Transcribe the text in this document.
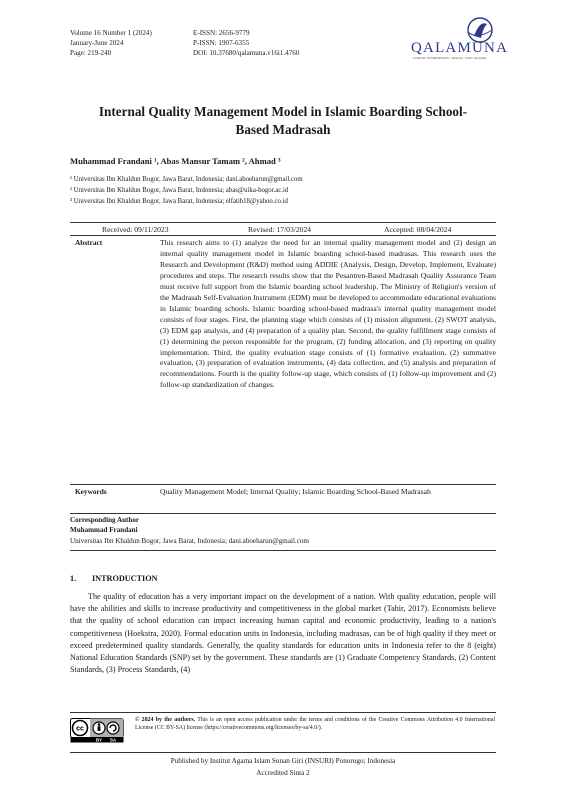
Volume 16 Number 1 (2024)
January-June 2024
Page: 219-240
E-ISSN: 2656-9779
P-ISSN: 1907-6355
DOI: 10.37680/qalamuna.v16i1.4760	QALAMUNA
JURNAL PENDIDIKAN, SOSIAL, DAN AGAMA
Internal Quality Management Model in Islamic Boarding School-Based Madrasah
Muhammad Frandani ¹, Abas Mansur Tamam ², Ahmad ³
¹ Universitas Ibn Khaldun Bogor, Jawa Barat, Indonesia; dani.aboeharun@gmail.com
² Universitas Ibn Khaldun Bogor, Jawa Barat, Indonesia; abas@uika-bogor.ac.id
³ Universitas Ibn Khaldun Bogor, Jawa Barat, Indonesia; elfatih18@yahoo.co.id
Received: 09/11/2023	Revised: 17/03/2024	Accepted: 08/04/2024
Abstract	This research aims to (1) analyze the need for an internal quality management model and (2) design an internal quality management model in Islamic boarding school-based madrasas. This research uses the Research and Development (R&D) method using ADDIE (Analysis, Design, Develop, Implement, Evaluate) procedures and steps. The research results show that the Pesantren-Based Madrasah Quality Assurance Team must receive full support from the Islamic boarding school leadership. The Ministry of Religion's version of the Madrasah Self-Evaluation Instrument (EDM) must be developed to accommodate educational evaluations in Islamic boarding schools. Islamic boarding school-based madrasa's internal quality management model consists of four stages. First, the planning stage which consists of (1) mission alignment, (2) SWOT analysis, (3) EDM gap analysis, and (4) preparation of a quality plan. Second, the quality fulfillment stage consists of (1) determining the person responsible for the program, (2) funding allocation, and (3) reporting on quality implementation. Third, the quality evaluation stage consists of (1) formative evaluation, (2) summative evaluation, (3) preparation of evaluation instruments, (4) data collection, and (5) analysis and preparation of recommendations. Fourth is the quality follow-up stage, which consists of (1) follow-up improvement and (2) follow-up standardization of changes.
Keywords	Quality Management Model; Internal Quality; Islamic Boarding School-Based Madrasah
Corresponding Author
Muhammad Frandani
Universitas Ibn Khaldun Bogor, Jawa Barat, Indonesia; dani.aboeharun@gmail.com
1. INTRODUCTION
The quality of education has a very important impact on the development of a nation. With quality education, people will have the abilities and skills to increase productivity and competitiveness in the global market (Tahir, 2017). Economists believe that the quality of school education can impact increasing human capital and economic productivity, leading to a nation's competitiveness (Hoekstra, 2020). Formal education units in Indonesia, including madrasas, can be of high quality if they meet or exceed predetermined quality standards. Generally, the quality standards for education units in Indonesia refer to the 8 (eight) National Education Standards (SNP) set by the government. These standards are (1) Graduate Competency Standards, (2) Content Standards, (3) Process Standards, (4)
cc
BY SA
© 2024 by the authors. This is an open access publication under the terms and conditions of the Creative Commons Attribution 4.0 International License (CC BY-SA) license (https://creativecommons.org/licenses/by-sa/4.0/).
Published by Institut Agama Islam Sunan Giri (INSURI) Ponorogo; Indonesia
Accredited Sinta 2
